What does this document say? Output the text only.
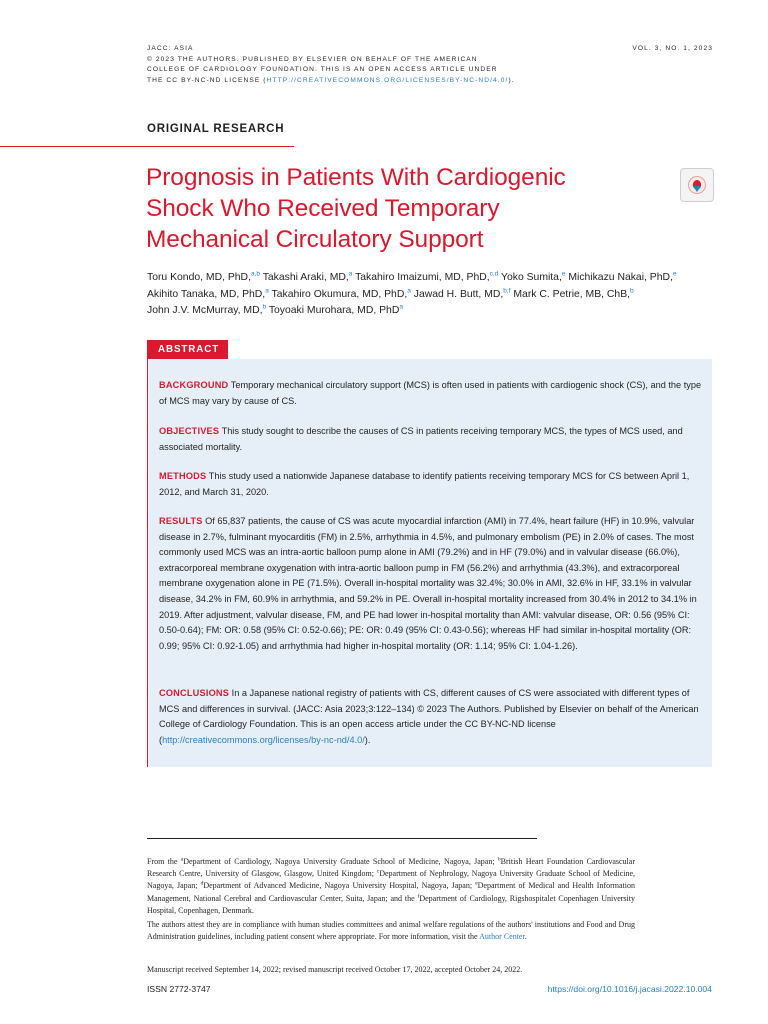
JACC: ASIA
© 2023 THE AUTHORS. PUBLISHED BY ELSEVIER ON BEHALF OF THE AMERICAN
COLLEGE OF CARDIOLOGY FOUNDATION. THIS IS AN OPEN ACCESS ARTICLE UNDER
THE CC BY-NC-ND LICENSE (HTTP://CREATIVECOMMONS.ORG/LICENSES/BY-NC-ND/4.0/).
VOL. 3, NO. 1, 2023
ORIGINAL RESEARCH
Prognosis in Patients With Cardiogenic
Shock Who Received Temporary
Mechanical Circulatory Support
Toru Kondo, MD, PhD,$^{a,b}$ Takashi Araki, MD,$^a$ Takahiro Imaizumi, MD, PhD,$^{c,d}$ Yoko Sumita,$^e$ Michikazu Nakai, PhD,$^e$ Akihito Tanaka, MD, PhD,$^a$ Takahiro Okumura, MD, PhD,$^a$ Jawad H. Butt, MD,$^{b,f}$ Mark C. Petrie, MB, ChB,$^b$
John J.V. McMurray, MD,$^b$ Toyoaki Murohara, MD, PhD$^a$
ABSTRACT

BACKGROUND Temporary mechanical circulatory support (MCS) is often used in patients with cardiogenic shock (CS), and the type of MCS may vary by cause of CS.

OBJECTIVES This study sought to describe the causes of CS in patients receiving temporary MCS, the types of MCS used, and associated mortality.

METHODS This study used a nationwide Japanese database to identify patients receiving temporary MCS for CS between April 1, 2012, and March 31, 2020.

RESULTS Of 65,837 patients, the cause of CS was acute myocardial infarction (AMI) in 77.4%, heart failure (HF) in 10.9%, valvular disease in 2.7%, fulminant myocarditis (FM) in 2.5%, arrhythmia in 4.5%, and pulmonary embolism (PE) in 2.0% of cases. The most commonly used MCS was an intra-aortic balloon pump alone in AMI (79.2%) and in HF (79.0%) and in valvular disease (66.0%), extracorporeal membrane oxygenation with intra-aortic balloon pump in FM (56.2%) and arrhythmia (43.3%), and extracorporeal membrane oxygenation alone in PE (71.5%). Overall in-hospital mortality was 32.4%; 30.0% in AMI, 32.6% in HF, 33.1% in valvular disease, 34.2% in FM, 60.9% in arrhythmia, and 59.2% in PE. Overall in-hospital mortality increased from 30.4% in 2012 to 34.1% in 2019. After adjustment, valvular disease, FM, and PE had lower in-hospital mortality than AMI: valvular disease, OR: 0.56 (95% CI: 0.50-0.64); FM: OR: 0.58 (95% CI: 0.52-0.66); PE: OR: 0.49 (95% CI: 0.43-0.56); whereas HF had similar in-hospital mortality (OR: 0.99; 95% CI: 0.92-1.05) and arrhythmia had higher in-hospital mortality (OR: 1.14; 95% CI: 1.04-1.26).

CONCLUSIONS In a Japanese national registry of patients with CS, different causes of CS were associated with different types of MCS and differences in survival. (JACC: Asia 2023;3:122–134) © 2023 The Authors. Published by Elsevier on behalf of the American College of Cardiology Foundation. This is an open access article under the CC BY-NC-ND license (http://creativecommons.org/licenses/by-nc-nd/4.0/).

From the $^a$Department of Cardiology, Nagoya University Graduate School of Medicine, Nagoya, Japan; $^b$British Heart Foundation Cardiovascular Research Centre, University of Glasgow, Glasgow, United Kingdom; $^c$Department of Nephrology, Nagoya University Graduate School of Medicine, Nagoya, Japan; $^d$Department of Advanced Medicine, Nagoya University Hospital, Nagoya, Japan; $^e$Department of Medical and Health Information Management, National Cerebral and Cardiovascular Center, Suita, Japan; and the $^f$Department of Cardiology, Rigshospitalet Copenhagen University Hospital, Copenhagen, Denmark.

The authors attest they are in compliance with human studies committees and animal welfare regulations of the authors' institutions and Food and Drug Administration guidelines, including patient consent where appropriate. For more information, visit the Author Center.

Manuscript received September 14, 2022; revised manuscript received October 17, 2022, accepted October 24, 2022.

ISSN 2772-3747	https://doi.org/10.1016/j.jacasi.2022.10.004
